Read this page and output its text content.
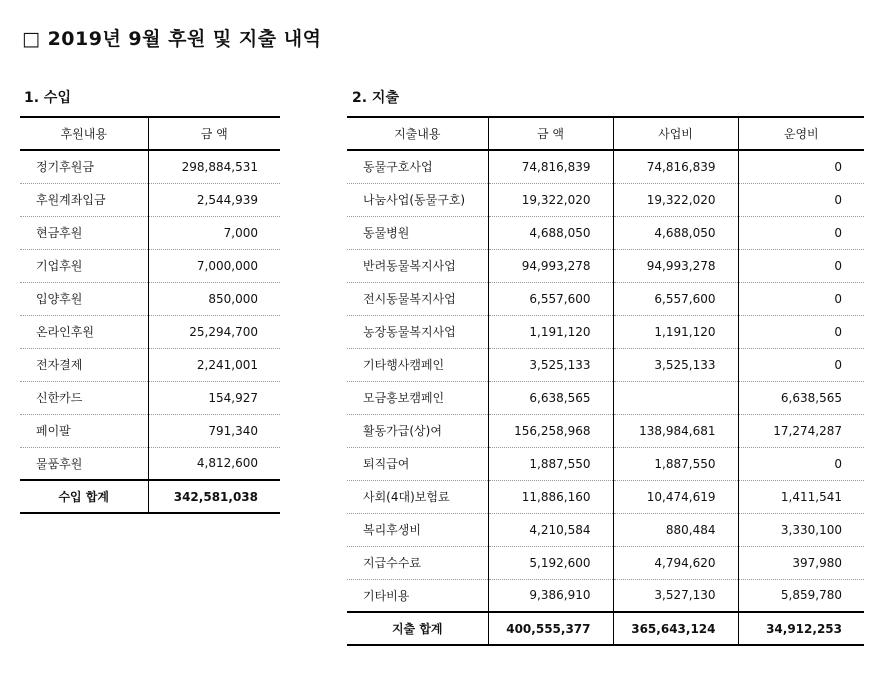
□ 2019년 9월 후원 및 지출 내역
1. 수입	2. 지출
후원내용	금 액
정기후원금	298,884,531
후원계좌입금	2,544,939
현금후원	7,000
기업후원	7,000,000
입양후원	850,000
온라인후원	25,294,700
전자결제	2,241,001
신한카드	154,927
페이팔	791,340
물품후원	4,812,600
수입 합계	342,581,038
지출내용	금 액	사업비	운영비
동물구호사업	74,816,839	74,816,839	0
나눔사업(동물구호)	19,322,020	19,322,020	0
동물병원	4,688,050	4,688,050	0
반려동물복지사업	94,993,278	94,993,278	0
전시동물복지사업	6,557,600	6,557,600	0
농장동물복지사업	1,191,120	1,191,120	0
기타행사캠페인	3,525,133	3,525,133	0
모금홍보캠페인	6,638,565		6,638,565
활동가급(상)여	156,258,968	138,984,681	17,274,287
퇴직급여	1,887,550	1,887,550	0
사회(4대)보험료	11,886,160	10,474,619	1,411,541
복리후생비	4,210,584	880,484	3,330,100
지급수수료	5,192,600	4,794,620	397,980
기타비용	9,386,910	3,527,130	5,859,780
지출 합계	400,555,377	365,643,124	34,912,253
